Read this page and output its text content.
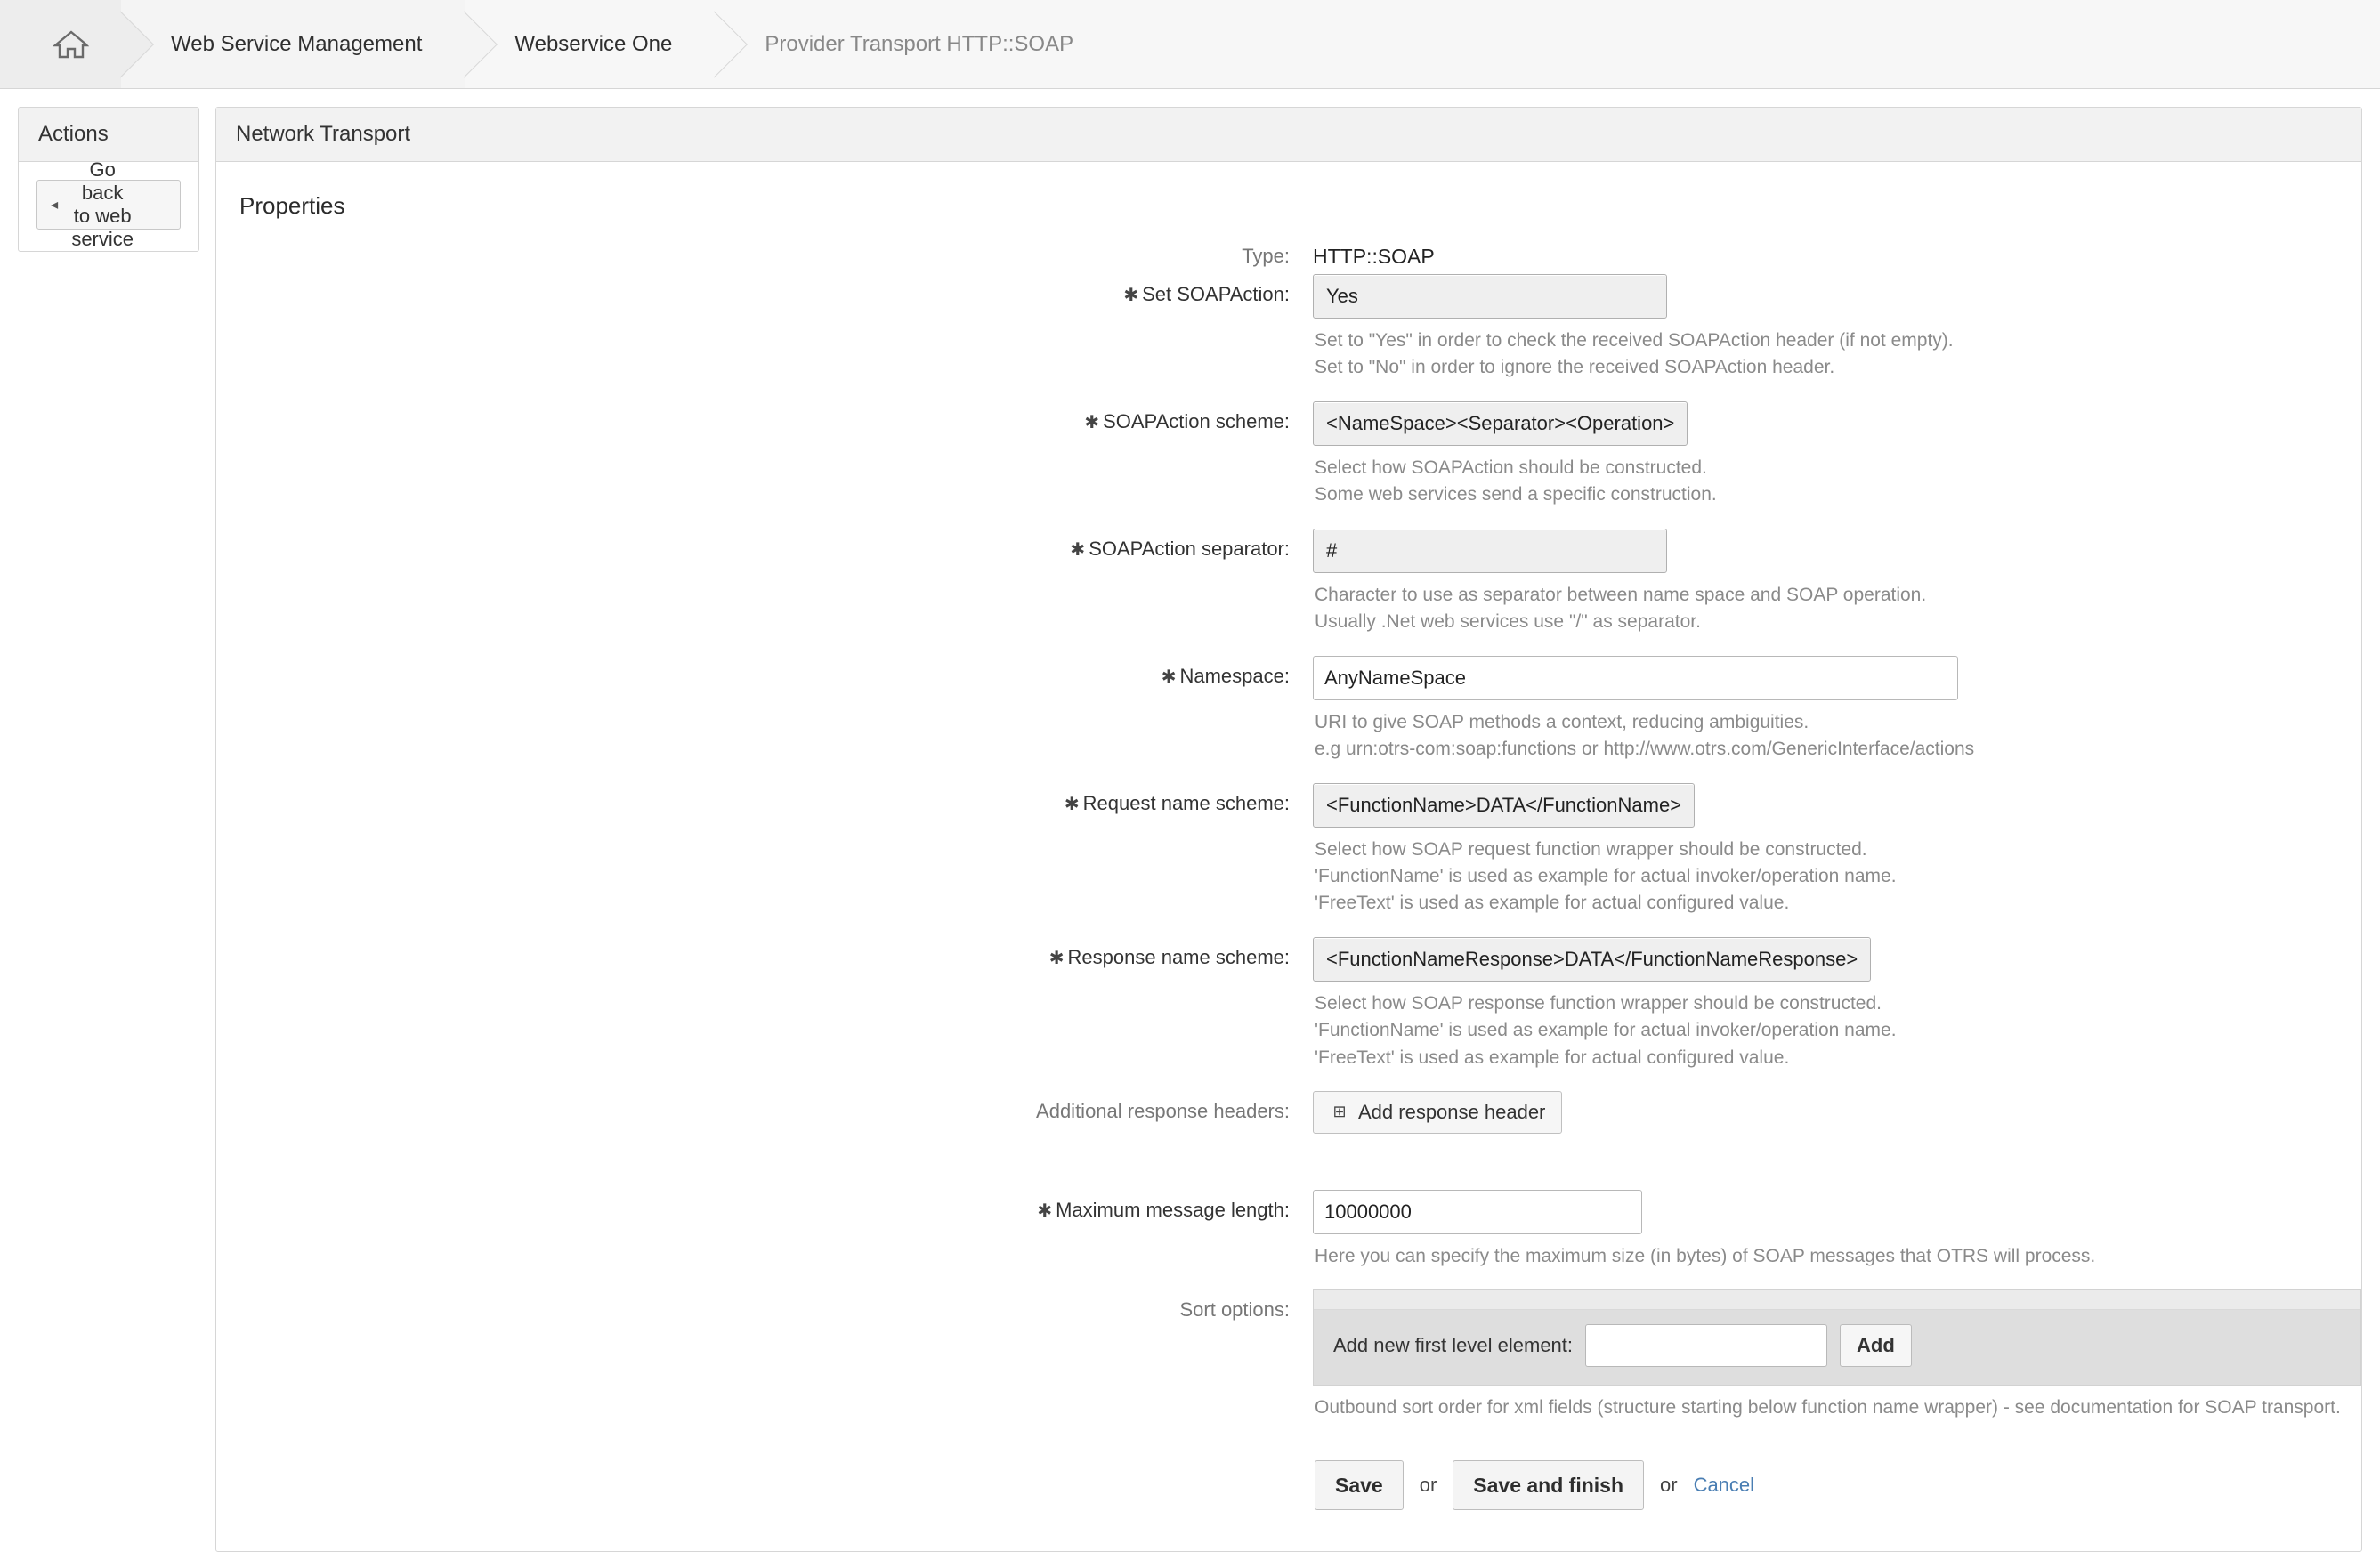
Web Service Management	Webservice One	Provider Transport HTTP::SOAP
Actions
◂
Go back to web service
Network Transport
Properties
Type:	HTTP::SOAP
✱ Set SOAPAction:	Yes
Set to "Yes" in order to check the received SOAPAction header (if not empty).
Set to "No" in order to ignore the received SOAPAction header.
✱ SOAPAction scheme:	<NameSpace><Separator><Operation>
Select how SOAPAction should be constructed.
Some web services send a specific construction.
✱ SOAPAction separator:	#
Character to use as separator between name space and SOAP operation.
Usually .Net web services use "/" as separator.
✱ Namespace:
AnyNameSpace
URI to give SOAP methods a context, reducing ambiguities.
e.g urn:otrs-com:soap:functions or http://www.otrs.com/GenericInterface/actions
✱ Request name scheme:	<FunctionName>DATA</FunctionName>
Select how SOAP request function wrapper should be constructed.
'FunctionName' is used as example for actual invoker/operation name.
'FreeText' is used as example for actual configured value.
✱ Response name scheme:	<FunctionNameResponse>DATA</FunctionNameResponse>
Select how SOAP response function wrapper should be constructed.
'FunctionName' is used as example for actual invoker/operation name.
'FreeText' is used as example for actual configured value.
Additional response headers:	⊞ Add response header

✱ Maximum message length:
10000000
Here you can specify the maximum size (in bytes) of SOAP messages that OTRS will process.
Sort options:
Add new first level element:	Add
Outbound sort order for xml fields (structure starting below function name wrapper) - see documentation for SOAP transport.
Save	or	Save and finish	or Cancel
